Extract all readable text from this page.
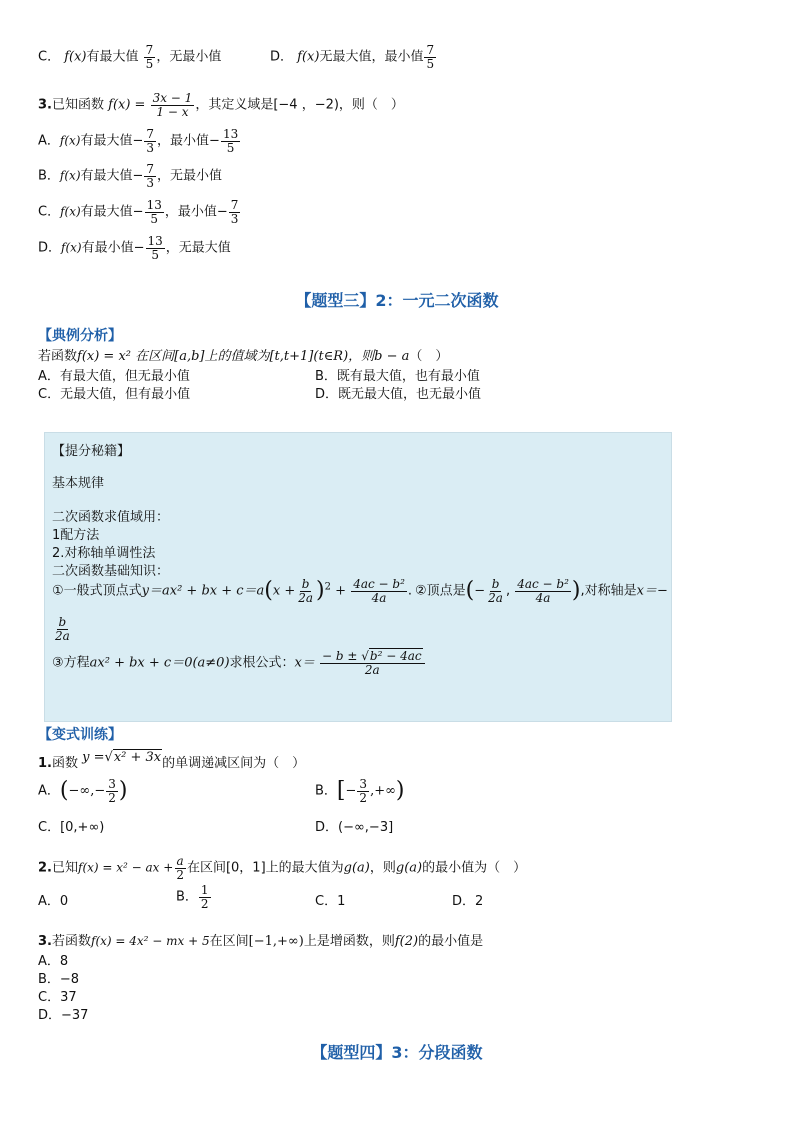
C． f(x)有最大值 $\frac{7}{5}$ ，无最小值	D． f(x)无最大值，最小值 $\frac{7}{5}$
3.已知函数 $f(x) = \frac{3x - 1}{1 - x}$ ，其定义域是[−4 ，−2)，则（　）
A．f(x)有最大值− $\frac{7}{3}$ ，最小值− $\frac{13}{5}$
B．f(x)有最大值− $\frac{7}{3}$ ，无最小值
C．f(x)有最大值− $\frac{13}{5}$ ，最小值− $\frac{7}{3}$
D．f(x)有最小值− $\frac{13}{5}$ ，无最大值
【题型三】2：一元二次函数
【典例分析】
若函数f(x) = x² 在区间[a,b]上的值域为[t,t+1](t∈R)，则b − a（　）
A．有最大值，但无最小值	B．既有最大值，也有最小值
C．无最大值，但有最小值	D．既无最大值，也无最小值
【提分秘籍】
基本规律
二次函数求值域用：
1配方法
2.对称轴单调性法
二次函数基础知识：
①一般式顶点式y＝ax² + bx + $c=a(x + \frac{b}{2a} )^2 + \frac{\text{4ac − b²}}{4a}$ . ②顶点是(− $\frac{b}{2a}$ , $\frac{\text{4ac − b²}}{4a}$ ),对称轴是x＝−
$\frac{b}{2a}$
③方程ax² + bx + c＝0(a≠0)求根公式：$x= \frac{\text{− b ± √b² − 4ac}}{2a}$
【变式训练】
1.函数 y =√x² + 3x的单调递减区间为（　）
A．(−∞,− $\frac{3}{2}$ )	B．[− $\frac{3}{2}$ ,+∞)
C．[0,+∞)	D．(−∞,−3]
2.已知f(x) = x² − ax + $\frac{a}{2}$ 在区间[0，1]上的最大值为g(a)，则g(a)的最小值为（　）
A．0	B． $\frac{1}{2}$	C．1	D．2
3.若函数f(x) = 4x² − mx + 5在区间[−1,+∞)上是增函数，则f(2)的最小值是
A．8
B．−8
C．37
D．−37
【题型四】3：分段函数
